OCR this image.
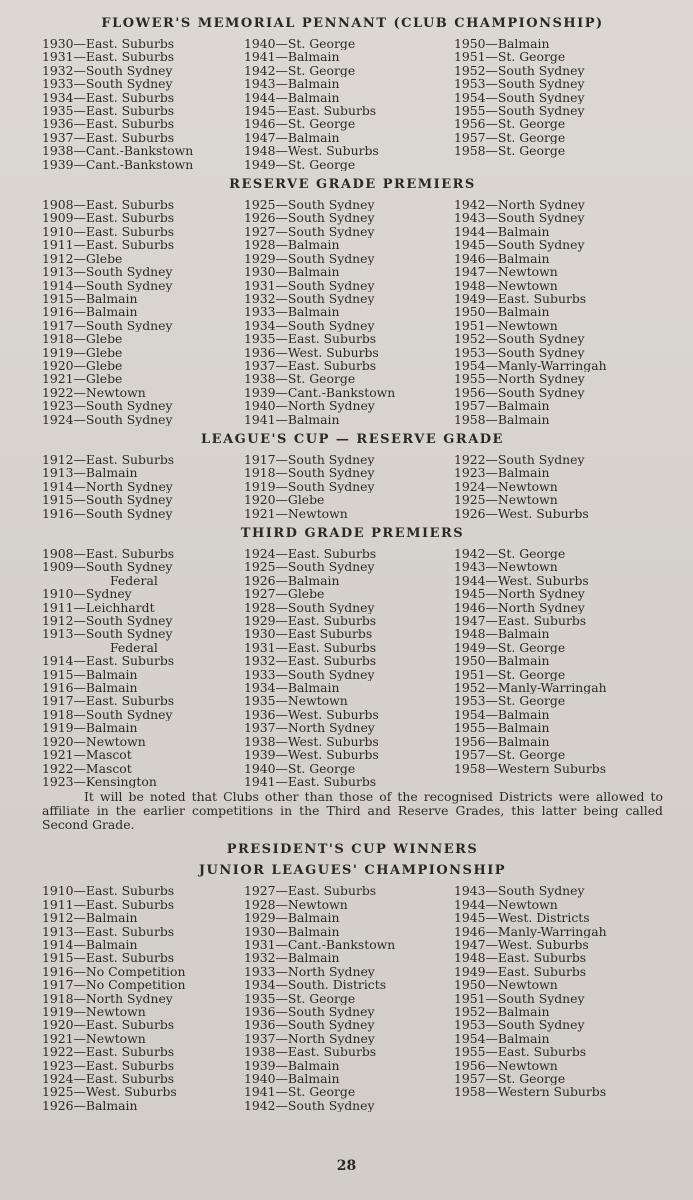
FLOWER'S MEMORIAL PENNANT (CLUB CHAMPIONSHIP)
1930—East. Suburbs
1931—East. Suburbs
1932—South Sydney
1933—South Sydney
1934—East. Suburbs
1935—East. Suburbs
1936—East. Suburbs
1937—East. Suburbs
1938—Cant.-Bankstown
1939—Cant.-Bankstown
1940—St. George
1941—Balmain
1942—St. George
1943—Balmain
1944—Balmain
1945—East. Suburbs
1946—St. George
1947—Balmain
1948—West. Suburbs
1949—St. George
1950—Balmain
1951—St. George
1952—South Sydney
1953—South Sydney
1954—South Sydney
1955—South Sydney
1956—St. George
1957—St. George
1958—St. George
RESERVE GRADE PREMIERS
1908—East. Suburbs
1909—East. Suburbs
1910—East. Suburbs
1911—East. Suburbs
1912—Glebe
1913—South Sydney
1914—South Sydney
1915—Balmain
1916—Balmain
1917—South Sydney
1918—Glebe
1919—Glebe
1920—Glebe
1921—Glebe
1922—Newtown
1923—South Sydney
1924—South Sydney
1925—South Sydney
1926—South Sydney
1927—South Sydney
1928—Balmain
1929—South Sydney
1930—Balmain
1931—South Sydney
1932—South Sydney
1933—Balmain
1934—South Sydney
1935—East. Suburbs
1936—West. Suburbs
1937—East. Suburbs
1938—St. George
1939—Cant.-Bankstown
1940—North Sydney
1941—Balmain
1942—North Sydney
1943—South Sydney
1944—Balmain
1945—South Sydney
1946—Balmain
1947—Newtown
1948—Newtown
1949—East. Suburbs
1950—Balmain
1951—Newtown
1952—South Sydney
1953—South Sydney
1954—Manly-Warringah
1955—North Sydney
1956—South Sydney
1957—Balmain
1958—Balmain
LEAGUE'S CUP — RESERVE GRADE
1912—East. Suburbs
1913—Balmain
1914—North Sydney
1915—South Sydney
1916—South Sydney
1917—South Sydney
1918—South Sydney
1919—South Sydney
1920—Glebe
1921—Newtown
1922—South Sydney
1923—Balmain
1924—Newtown
1925—Newtown
1926—West. Suburbs
THIRD GRADE PREMIERS
1908—East. Suburbs
1909—South Sydney
Federal
1910—Sydney
1911—Leichhardt
1912—South Sydney
1913—South Sydney
Federal
1914—East. Suburbs
1915—Balmain
1916—Balmain
1917—East. Suburbs
1918—South Sydney
1919—Balmain
1920—Newtown
1921—Mascot
1922—Mascot
1923—Kensington
1924—East. Suburbs
1925—South Sydney
1926—Balmain
1927—Glebe
1928—South Sydney
1929—East. Suburbs
1930—East Suburbs
1931—East. Suburbs
1932—East. Suburbs
1933—South Sydney
1934—Balmain
1935—Newtown
1936—West. Suburbs
1937—North Sydney
1938—West. Suburbs
1939—West. Suburbs
1940—St. George
1941—East. Suburbs
1942—St. George
1943—Newtown
1944—West. Suburbs
1945—North Sydney
1946—North Sydney
1947—East. Suburbs
1948—Balmain
1949—St. George
1950—Balmain
1951—St. George
1952—Manly-Warringah
1953—St. George
1954—Balmain
1955—Balmain
1956—Balmain
1957—St. George
1958—Western Suburbs
It will be noted that Clubs other than those of the recognised Districts were allowed to affiliate in the earlier competitions in the Third and Reserve Grades, this latter being called Second Grade.
PRESIDENT'S CUP WINNERS
JUNIOR LEAGUES' CHAMPIONSHIP
1910—East. Suburbs
1911—East. Suburbs
1912—Balmain
1913—East. Suburbs
1914—Balmain
1915—East. Suburbs
1916—No Competition
1917—No Competition
1918—North Sydney
1919—Newtown
1920—East. Suburbs
1921—Newtown
1922—East. Suburbs
1923—East. Suburbs
1924—East. Suburbs
1925—West. Suburbs
1926—Balmain
1927—East. Suburbs
1928—Newtown
1929—Balmain
1930—Balmain
1931—Cant.-Bankstown
1932—Balmain
1933—North Sydney
1934—South. Districts
1935—St. George
1936—South Sydney
1936—South Sydney
1937—North Sydney
1938—East. Suburbs
1939—Balmain
1940—Balmain
1941—St. George
1942—South Sydney
1943—South Sydney
1944—Newtown
1945—West. Districts
1946—Manly-Warringah
1947—West. Suburbs
1948—East. Suburbs
1949—East. Suburbs
1950—Newtown
1951—South Sydney
1952—Balmain
1953—South Sydney
1954—Balmain
1955—East. Suburbs
1956—Newtown
1957—St. George
1958—Western Suburbs
28
